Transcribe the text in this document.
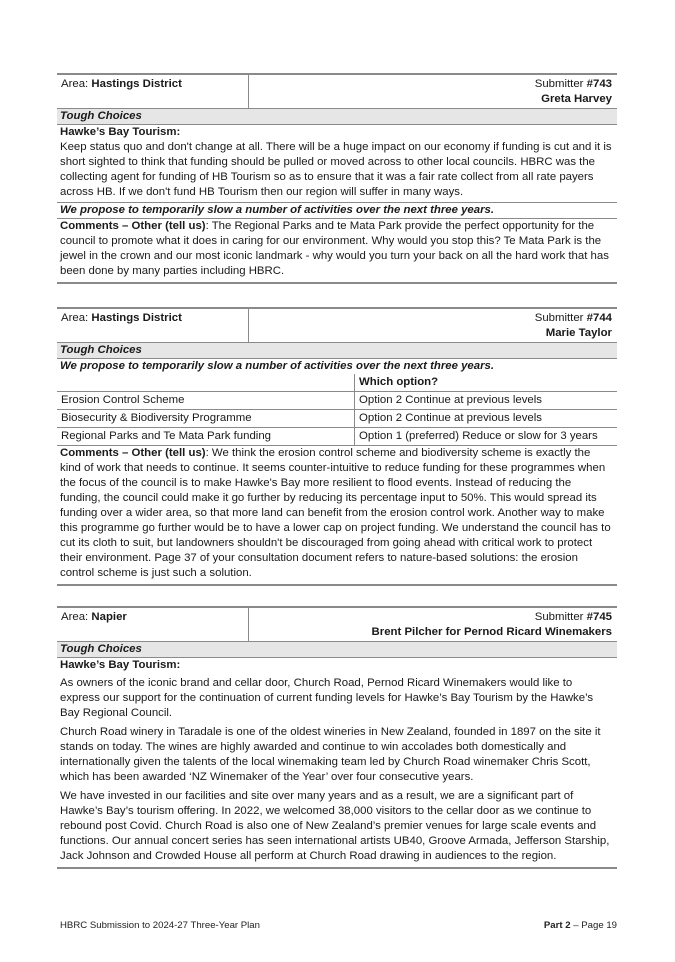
Area: Hastings District	Submitter #743
Greta Harvey
Tough Choices
Hawke’s Bay Tourism:

Keep status quo and don't change at all. There will be a huge impact on our economy if funding is cut and it is short sighted to think that funding should be pulled or moved across to other local councils. HBRC was the collecting agent for funding of HB Tourism so as to ensure that it was a fair rate collect from all rate payers across HB. If we don't fund HB Tourism then our region will suffer in many ways.

We propose to temporarily slow a number of activities over the next three years.

Comments – Other (tell us): The Regional Parks and te Mata Park provide the perfect opportunity for the council to promote what it does in caring for our environment. Why would you stop this? Te Mata Park is the jewel in the crown and our most iconic landmark - why would you turn your back on all the hard work that has been done by many parties including HBRC.

Area: Hastings District	Submitter #744
Marie Taylor
Tough Choices
We propose to temporarily slow a number of activities over the next three years.
	Which option?
Erosion Control Scheme	Option 2 Continue at previous levels
Biosecurity & Biodiversity Programme	Option 2 Continue at previous levels
Regional Parks and Te Mata Park funding	Option 1 (preferred) Reduce or slow for 3 years

Comments – Other (tell us): We think the erosion control scheme and biodiversity scheme is exactly the kind of work that needs to continue. It seems counter-intuitive to reduce funding for these programmes when the focus of the council is to make Hawke's Bay more resilient to flood events. Instead of reducing the funding, the council could make it go further by reducing its percentage input to 50%. This would spread its funding over a wider area, so that more land can benefit from the erosion control work. Another way to make this programme go further would be to have a lower cap on project funding. We understand the council has to cut its cloth to suit, but landowners shouldn't be discouraged from going ahead with critical work to protect their environment. Page 37 of your consultation document refers to nature-based solutions: the erosion control scheme is just such a solution.

Area: Napier	Submitter #745
Brent Pilcher for Pernod Ricard Winemakers
Tough Choices
Hawke’s Bay Tourism:

As owners of the iconic brand and cellar door, Church Road, Pernod Ricard Winemakers would like to express our support for the continuation of current funding levels for Hawke’s Bay Tourism by the Hawke’s Bay Regional Council.

Church Road winery in Taradale is one of the oldest wineries in New Zealand, founded in 1897 on the site it stands on today. The wines are highly awarded and continue to win accolades both domestically and internationally given the talents of the local winemaking team led by Church Road winemaker Chris Scott, which has been awarded ‘NZ Winemaker of the Year’ over four consecutive years.

We have invested in our facilities and site over many years and as a result, we are a significant part of Hawke’s Bay’s tourism offering. In 2022, we welcomed 38,000 visitors to the cellar door as we continue to rebound post Covid. Church Road is also one of New Zealand’s premier venues for large scale events and functions. Our annual concert series has seen international artists UB40, Groove Armada, Jefferson Starship, Jack Johnson and Crowded House all perform at Church Road drawing in audiences to the region.

HBRC Submission to 2024-27 Three-Year Plan	Part 2 – Page 19
